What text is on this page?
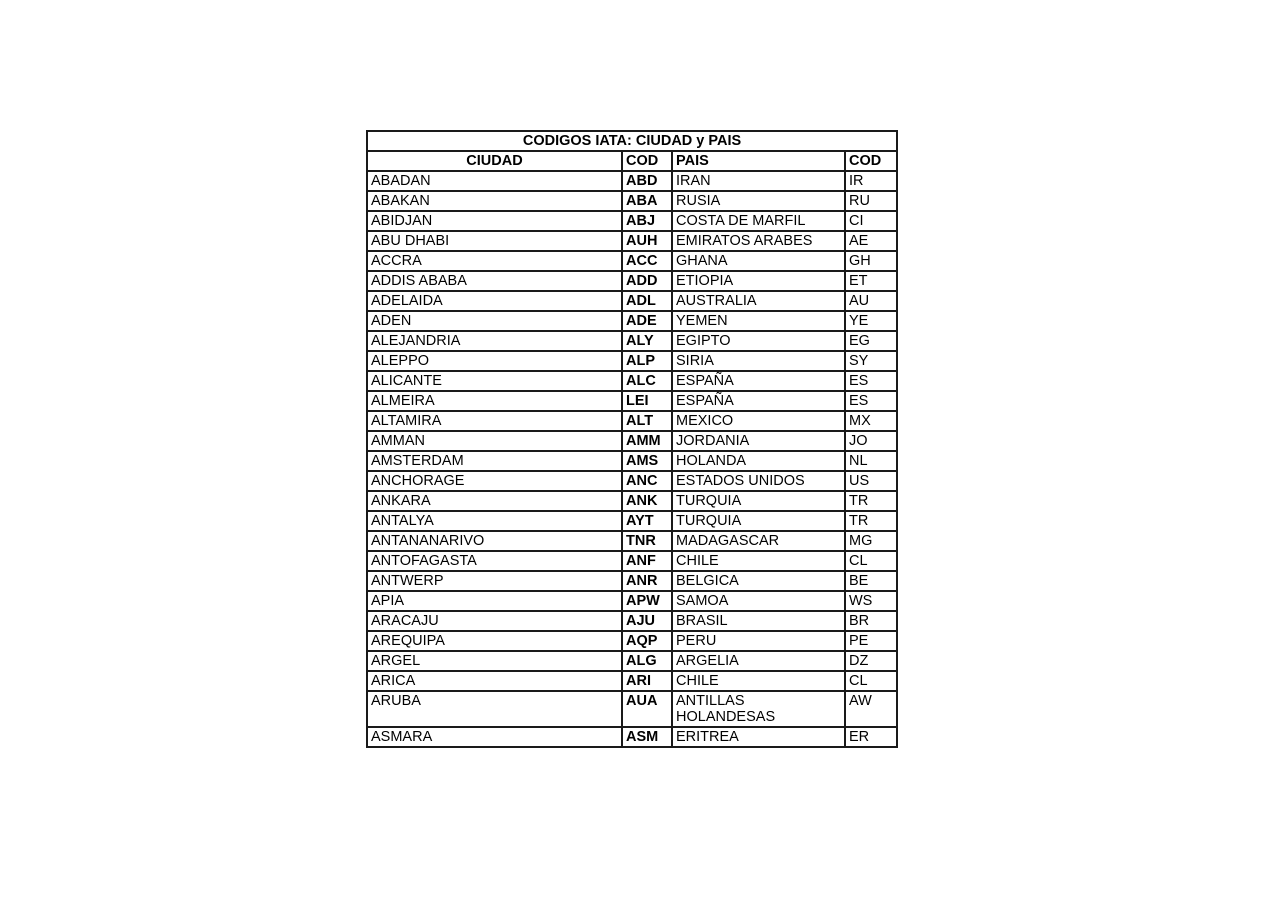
CODIGOS IATA: CIUDAD y PAIS			
CIUDAD	COD	PAIS	COD
ABADAN	ABD	IRAN	IR
ABAKAN	ABA	RUSIA	RU
ABIDJAN	ABJ	COSTA DE MARFIL	CI
ABU DHABI	AUH	EMIRATOS ARABES	AE
ACCRA	ACC	GHANA	GH
ADDIS ABABA	ADD	ETIOPIA	ET
ADELAIDA	ADL	AUSTRALIA	AU
ADEN	ADE	YEMEN	YE
ALEJANDRIA	ALY	EGIPTO	EG
ALEPPO	ALP	SIRIA	SY
ALICANTE	ALC	ESPAÑA	ES
ALMEIRA	LEI	ESPAÑA	ES
ALTAMIRA	ALT	MEXICO	MX
AMMAN	AMM	JORDANIA	JO
AMSTERDAM	AMS	HOLANDA	NL
ANCHORAGE	ANC	ESTADOS UNIDOS	US
ANKARA	ANK	TURQUIA	TR
ANTALYA	AYT	TURQUIA	TR
ANTANANARIVO	TNR	MADAGASCAR	MG
ANTOFAGASTA	ANF	CHILE	CL
ANTWERP	ANR	BELGICA	BE
APIA	APW	SAMOA	WS
ARACAJU	AJU	BRASIL	BR
AREQUIPA	AQP	PERU	PE
ARGEL	ALG	ARGELIA	DZ
ARICA	ARI	CHILE	CL
ARUBA	AUA	ANTILLAS HOLANDESAS	AW
ASMARA	ASM	ERITREA	ER
